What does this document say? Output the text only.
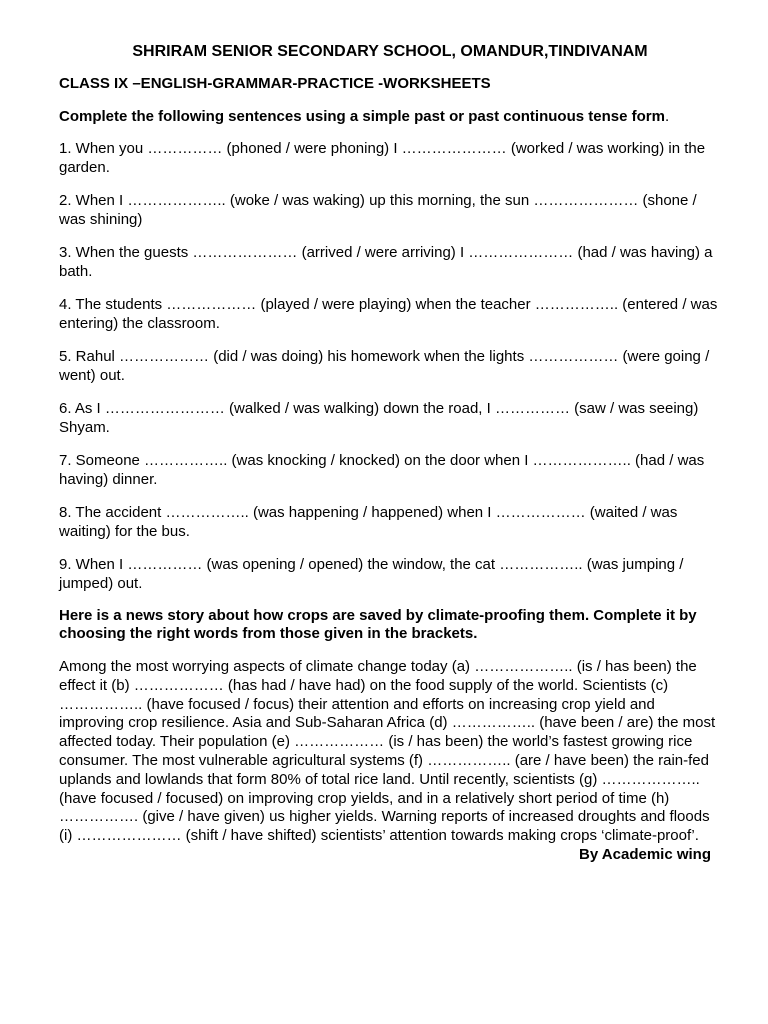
SHRIRAM SENIOR SECONDARY SCHOOL, OMANDUR,TINDIVANAM
CLASS IX –ENGLISH-GRAMMAR-PRACTICE -WORKSHEETS
Complete the following sentences using a simple past or past continuous tense form.
1. When you …………… (phoned / were phoning) I ………………… (worked / was working) in the garden.
2. When I ……………….. (woke / was waking) up this morning, the sun ………………… (shone / was shining)
3. When the guests ………………… (arrived / were arriving) I ………………… (had / was having) a bath.
4. The students ……………… (played / were playing) when the teacher …………….. (entered / was entering) the classroom.
5. Rahul ……………… (did / was doing) his homework when the lights ……………… (were going / went) out.
6. As I …………………… (walked / was walking) down the road, I …………… (saw / was seeing) Shyam.
7. Someone …………….. (was knocking / knocked) on the door when I ……………….. (had / was having) dinner.
8. The accident …………….. (was happening / happened) when I ……………… (waited / was waiting) for the bus.
9. When I …………… (was opening / opened) the window, the cat …………….. (was jumping / jumped) out.
Here is a news story about how crops are saved by climate-proofing them. Complete it by choosing the right words from those given in the brackets.
Among the most worrying aspects of climate change today (a) ……………….. (is / has been) the effect it (b) ……………… (has had / have had) on the food supply of the world. Scientists (c) …………….. (have focused / focus) their attention and efforts on increasing crop yield and improving crop resilience. Asia and Sub-Saharan Africa (d) …………….. (have been / are) the most affected today. Their population (e) ……………… (is / has been) the world’s fastest growing rice consumer. The most vulnerable agricultural systems (f) …………….. (are / have been) the rain-fed uplands and lowlands that form 80% of total rice land. Until recently, scientists (g) ……………….. (have focused / focused) on improving crop yields, and in a relatively short period of time (h) ……………. (give / have given) us higher yields. Warning reports of increased droughts and floods (i) ………………… (shift / have shifted) scientists’ attention towards making crops ‘climate-proof’.
By Academic wing
